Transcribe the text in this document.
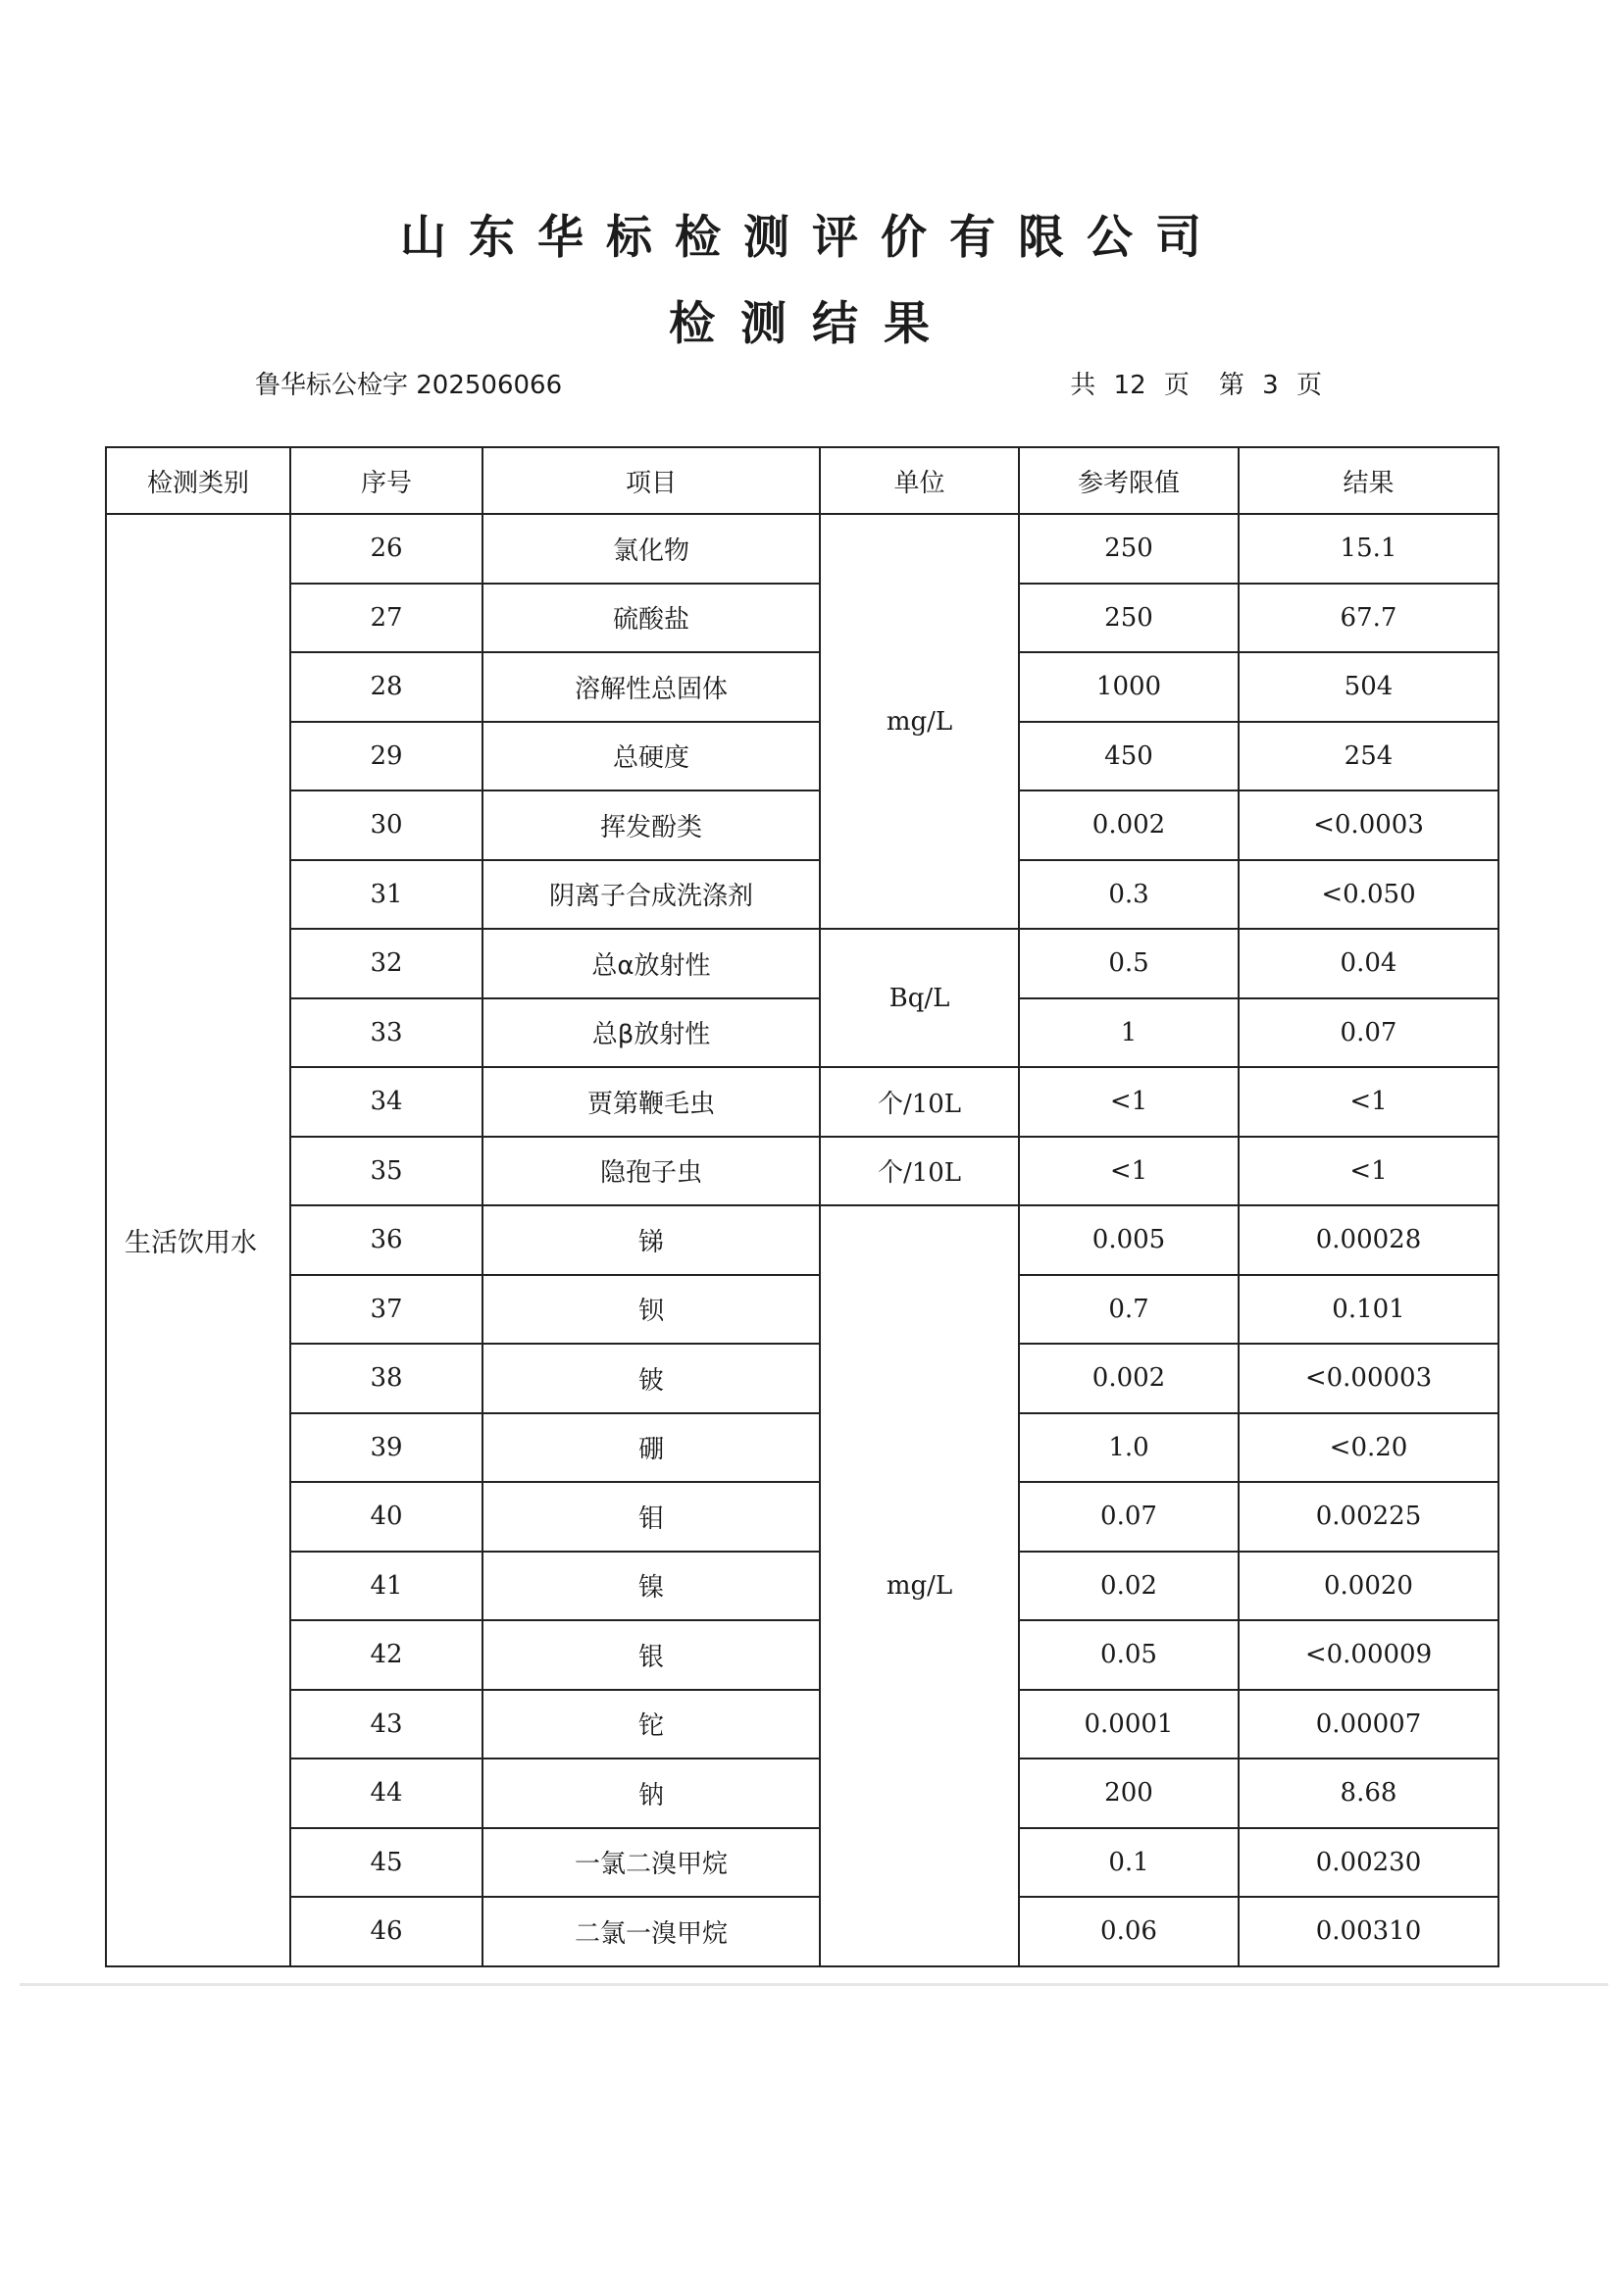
山东华标检测评价有限公司
检测结果
鲁华标公检字 202506066	共 12 页 第 3 页
检测类别	序号	项目	单位	参考限值	结果
生活饮用水	26	氯化物	mg/L	250	15.1
	27	硫酸盐		250	67.7
	28	溶解性总固体		1000	504
	29	总硬度		450	254
	30	挥发酚类		0.002	<0.0003
	31	阴离子合成洗涤剂		0.3	<0.050
	32	总α放射性	Bq/L	0.5	0.04
	33	总β放射性		1	0.07
	34	贾第鞭毛虫	个/10L	<1	<1
	35	隐孢子虫	个/10L	<1	<1
	36	锑	mg/L	0.005	0.00028
	37	钡		0.7	0.101
	38	铍		0.002	<0.00003
	39	硼		1.0	<0.20
	40	钼		0.07	0.00225
	41	镍		0.02	0.0020
	42	银		0.05	<0.00009
	43	铊		0.0001	0.00007
	44	钠		200	8.68
	45	一氯二溴甲烷		0.1	0.00230
	46	二氯一溴甲烷		0.06	0.00310
